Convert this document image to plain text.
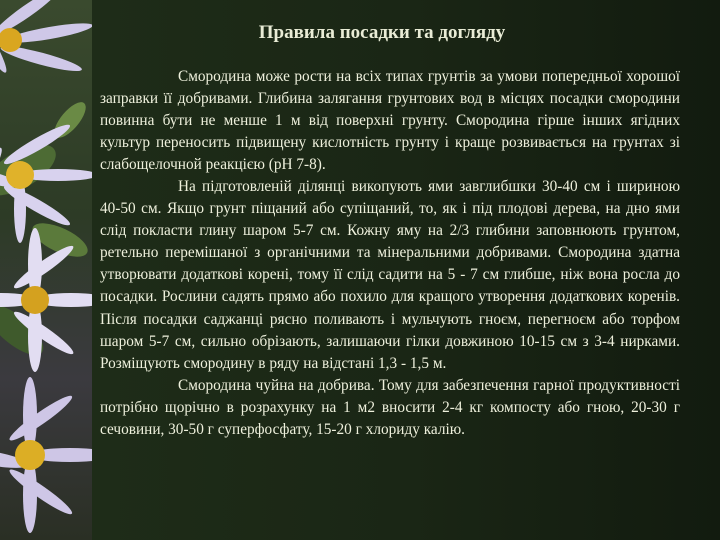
Правила посадки та догляду

Смородина може рости на всіх типах грунтів за умови попередньої хорошої заправки її добривами. Глибина залягання грунтових вод в місцях посадки смородини повинна бути не менше 1 м від поверхні грунту. Смородина гірше інших ягідних культур переносить підвищену кислотність грунту і краще розвивається на грунтах зі слабощелочной реакцією (рН 7-8).

На підготовленій ділянці викопують ями завглибшки 30-40 см і шириною 40-50 см. Якщо грунт піщаний або супіщаний, то, як і під плодові дерева, на дно ями слід покласти глину шаром 5-7 см. Кожну яму на 2/3 глибини заповнюють грунтом, ретельно перемішаної з органічними та мінеральними добривами. Смородина здатна утворювати додаткові корені, тому її слід садити на 5 - 7 см глибше, ніж вона росла до посадки. Рослини садять прямо або похило для кращого утворення додаткових коренів. Після посадки саджанці рясно поливають і мульчують гноєм, перегноєм або торфом шаром 5-7 см, сильно обрізають, залишаючи гілки довжиною 10-15 см з 3-4 нирками. Розміщують смородину в ряду на відстані 1,3 - 1,5 м.

Смородина чуйна на добрива. Тому для забезпечення гарної продуктивності потрібно щорічно в розрахунку на 1 м2 вносити 2-4 кг компосту або гною, 20-30 г сечовини, 30-50 г суперфосфату, 15-20 г хлориду калію.
